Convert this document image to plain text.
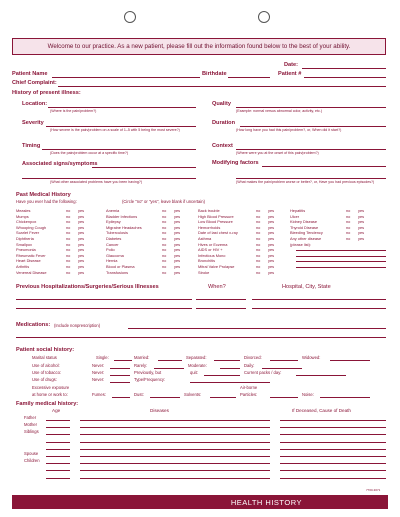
Welcome to our practice. As a new patient, please fill out the information found below to the best of your ability.
Date:
Patient Name	Birthdate	Patient #
Chief Complaint:
History of present illness:
Location:
(Where is the pain/problem?)
Quality
(Example: normal versus abnormal color, activity, etc.)
Severity
(How severe is the pain/problem on a scale of 1–5 with 5 being the most severe?)
Duration
(How long have you had this pain/problem?, or, When did it start?)
Timing
(Does the pain/problem occur at a specific time?)
Context
(Where were you at the onset of this pain/problem?)
Associated signs/symptoms
(What other associated problems have you been having?)
Modifying factors
(What makes the pain/problem worse or better?, or, Have you had previous episodes?)
Past Medical History
Have you ever had the following:	(Circle "no" or "yes", leave blank if uncertain)
Measles	no	yes
Mumps	no	yes
Chickenpox	no	yes
Whooping Cough	no	yes
Scarlet Fever	no	yes
Diphtheria	no	yes
Smallpox	no	yes
Pneumonia	no	yes
Rheumatic Fever	no	yes
Heart Disease	no	yes
Arthritis	no	yes
Venereal Disease	no	yes
Anemia	no	yes
Bladder Infections	no	yes
Epilepsy	no	yes
Migraine Headaches	no	yes
Tuberculosis	no	yes
Diabetes	no	yes
Cancer	no	yes
Polio	no	yes
Glaucoma	no	yes
Hernia	no	yes
Blood or Plasma	no	yes
Transfusions	no	yes
Back trouble	no	yes
High Blood Pressure	no	yes
Low Blood Pressure	no	yes
Hemorrhoids	no	yes
Date of last chest x-ray	no	yes
Asthma	no	yes
Hives or Eczema	no	yes
AIDS or HIV +	no	yes
Infectious Mono	no	yes
Bronchitis	no	yes
Mitral Valve Prolapse	no	yes
Stroke	no	yes
Hepatitis	no	yes
Ulcer	no	yes
Kidney Disease	no	yes
Thyroid Disease	no	yes
Bleeding Tendency	no	yes
Any other disease	no	yes
(please list):
Previous Hospitalizations/Surgeries/Serious Illnesses	When?	Hospital, City, State
Medications: (Include nonprescription)
Patient social history:
Marital status	Single:	Married:	Separated:	Divorced:	Widowed:
Use of alcohol:	Never:	Rarely:	Moderate:	Daily:
Use of tobacco:	Never:	Previously, but	quit:	Current packs / day:
Use of drugs:	Never:	Type/Frequency:
Excessive exposure
at home or work to:	Fumes:	Dust:	Solvents:
Air-borne
Particles:	Noise:
Family medical history:
Age	Diseases	If Deceased, Cause of Death
Father
Mother
Siblings
Spouse
Children
7700-3071
HEALTH HISTORY
